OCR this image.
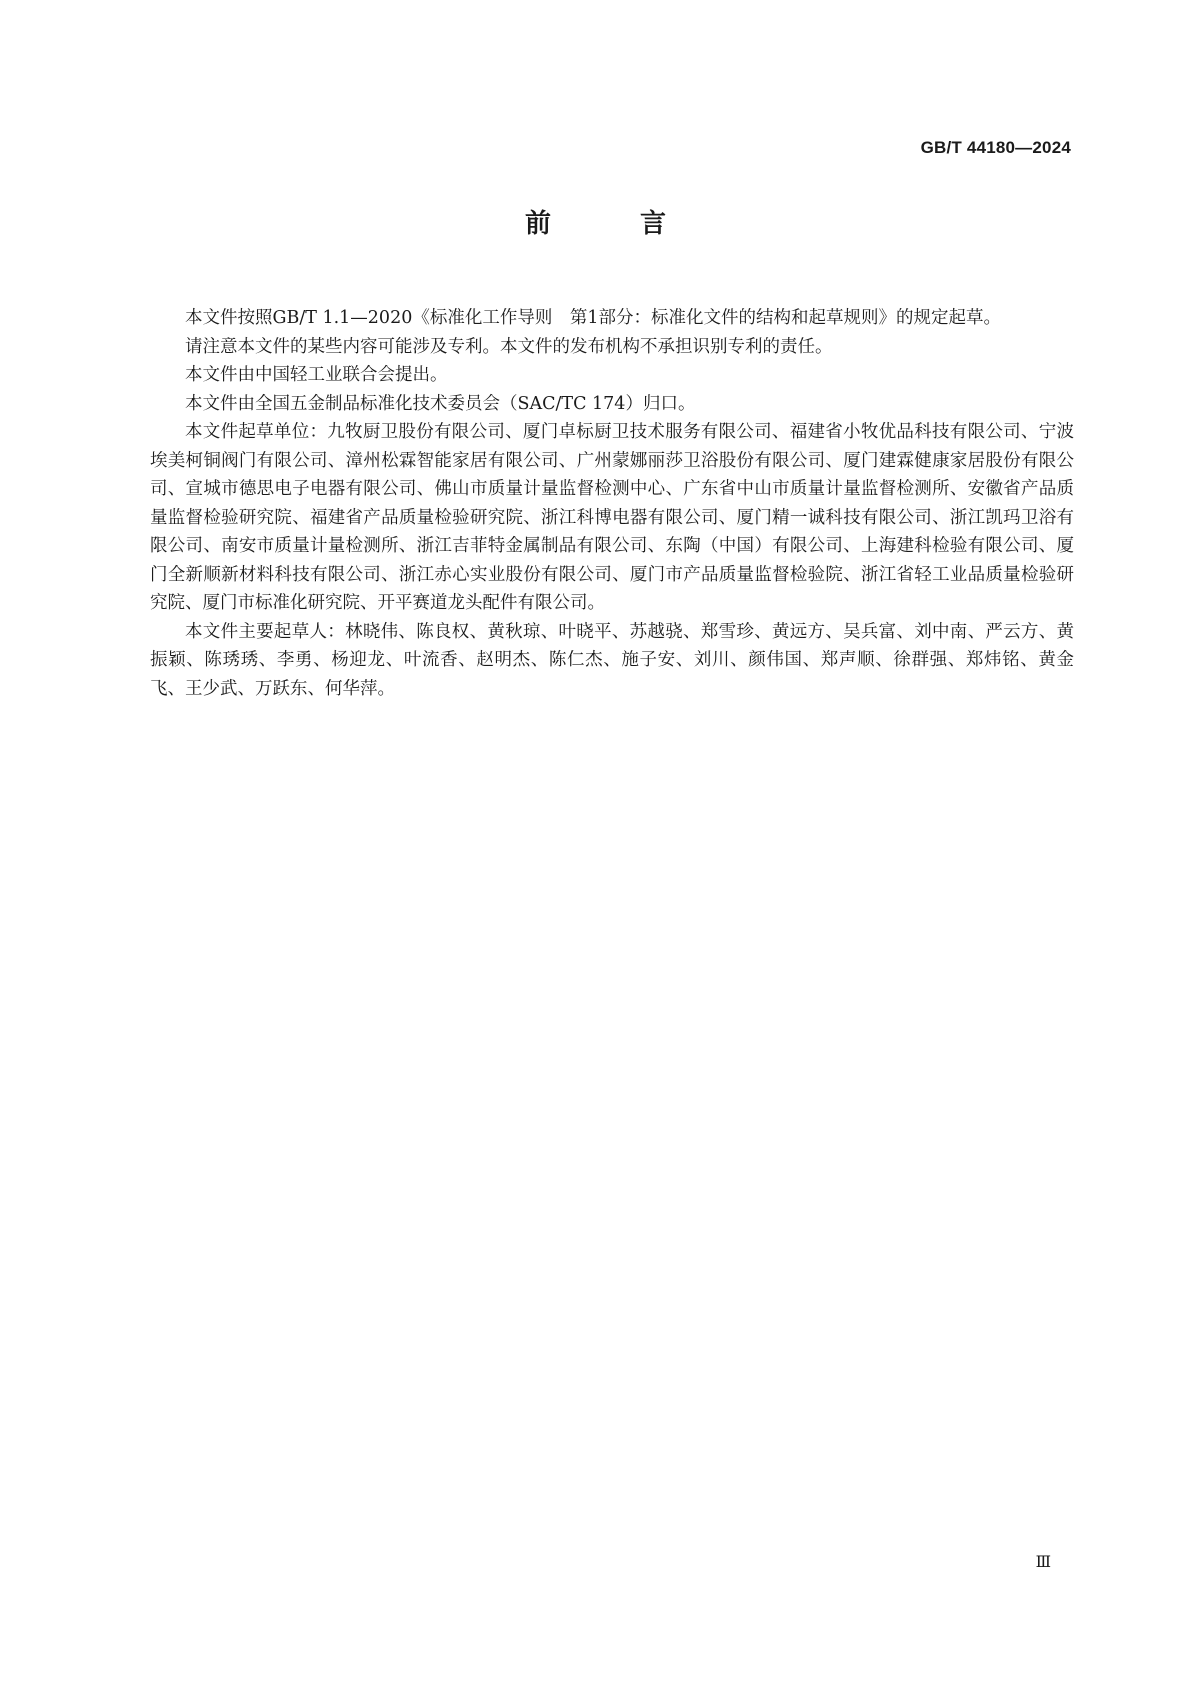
GB/T 44180—2024
前 言

本文件按照GB/T 1.1—2020《标准化工作导则　第1部分：标准化文件的结构和起草规则》的规定起草。

请注意本文件的某些内容可能涉及专利。本文件的发布机构不承担识别专利的责任。

本文件由中国轻工业联合会提出。

本文件由全国五金制品标准化技术委员会（SAC/TC 174）归口。

本文件起草单位：九牧厨卫股份有限公司、厦门卓标厨卫技术服务有限公司、福建省小牧优品科技有限公司、宁波埃美柯铜阀门有限公司、漳州松霖智能家居有限公司、广州蒙娜丽莎卫浴股份有限公司、厦门建霖健康家居股份有限公司、宣城市德思电子电器有限公司、佛山市质量计量监督检测中心、广东省中山市质量计量监督检测所、安徽省产品质量监督检验研究院、福建省产品质量检验研究院、浙江科博电器有限公司、厦门精一诚科技有限公司、浙江凯玛卫浴有限公司、南安市质量计量检测所、浙江吉菲特金属制品有限公司、东陶（中国）有限公司、上海建科检验有限公司、厦门全新顺新材料科技有限公司、浙江赤心实业股份有限公司、厦门市产品质量监督检验院、浙江省轻工业品质量检验研究院、厦门市标准化研究院、开平赛道龙头配件有限公司。

本文件主要起草人：林晓伟、陈良权、黄秋琼、叶晓平、苏越骁、郑雪珍、黄远方、吴兵富、刘中南、严云方、黄振颖、陈琇琇、李勇、杨迎龙、叶流香、赵明杰、陈仁杰、施子安、刘川、颜伟国、郑声顺、徐群强、郑炜铭、黄金飞、王少武、万跃东、何华萍。

Ⅲ
